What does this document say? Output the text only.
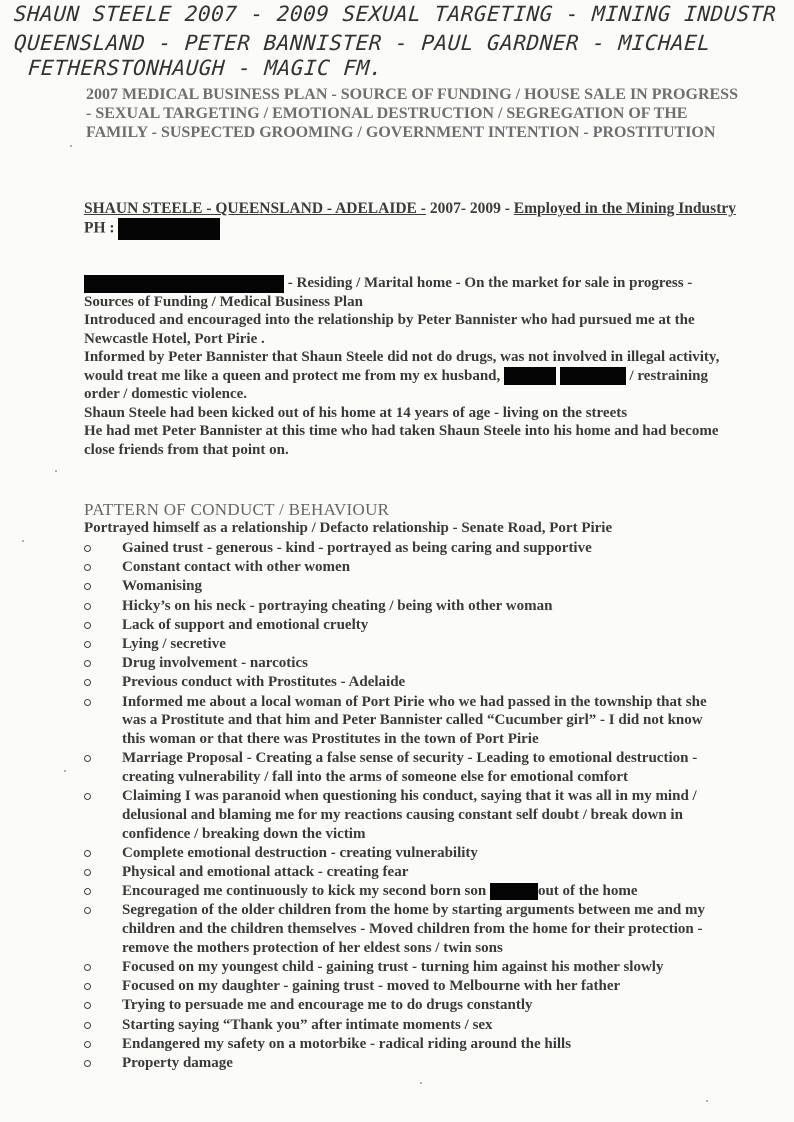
SHAUN STEELE 2007 - 2009 SEXUAL TARGETING - MINING INDUSTR
QUEENSLAND - PETER BANNISTER - PAUL GARDNER - MICHAEL
FETHERSTONHAUGH - MAGIC FM.
2007 MEDICAL BUSINESS PLAN - SOURCE OF FUNDING / HOUSE SALE IN PROGRESS - SEXUAL TARGETING / EMOTIONAL DESTRUCTION / SEGREGATION OF THE FAMILY - SUSPECTED GROOMING / GOVERNMENT INTENTION - PROSTITUTION
SHAUN STEELE - QUEENSLAND - ADELAIDE - 2007- 2009 - Employed in the Mining Industry
PH :

- Residing / Marital home - On the market for sale in progress - Sources of Funding / Medical Business Plan

Introduced and encouraged into the relationship by Peter Bannister who had pursued me at the Newcastle Hotel, Port Pirie .

Informed by Peter Bannister that Shaun Steele did not do drugs, was not involved in illegal activity, would treat me like a queen and protect me from my ex husband,	/ restraining order / domestic violence.

Shaun Steele had been kicked out of his home at 14 years of age - living on the streets

He had met Peter Bannister at this time who had taken Shaun Steele into his home and had become close friends from that point on.

PATTERN OF CONDUCT / BEHAVIOUR
Portrayed himself as a relationship / Defacto relationship - Senate Road, Port Pirie
Gained trust - generous - kind - portrayed as being caring and supportive
Constant contact with other women
Womanising
Hicky’s on his neck - portraying cheating / being with other woman
Lack of support and emotional cruelty
Lying / secretive
Drug involvement - narcotics
Previous conduct with Prostitutes - Adelaide
Informed me about a local woman of Port Pirie who we had passed in the township that she was a Prostitute and that him and Peter Bannister called “Cucumber girl” - I did not know this woman or that there was Prostitutes in the town of Port Pirie
Marriage Proposal - Creating a false sense of security - Leading to emotional destruction - creating vulnerability / fall into the arms of someone else for emotional comfort
Claiming I was paranoid when questioning his conduct, saying that it was all in my mind / delusional and blaming me for my reactions causing constant self doubt / break down in confidence / breaking down the victim
Complete emotional destruction - creating vulnerability
Physical and emotional attack - creating fear
Encouraged me continuously to kick my second born son	out of the home
Segregation of the older children from the home by starting arguments between me and my children and the children themselves - Moved children from the home for their protection - remove the mothers protection of her eldest sons / twin sons
Focused on my youngest child - gaining trust - turning him against his mother slowly
Focused on my daughter - gaining trust - moved to Melbourne with her father
Trying to persuade me and encourage me to do drugs constantly
Starting saying “Thank you” after intimate moments / sex
Endangered my safety on a motorbike - radical riding around the hills
Property damage
